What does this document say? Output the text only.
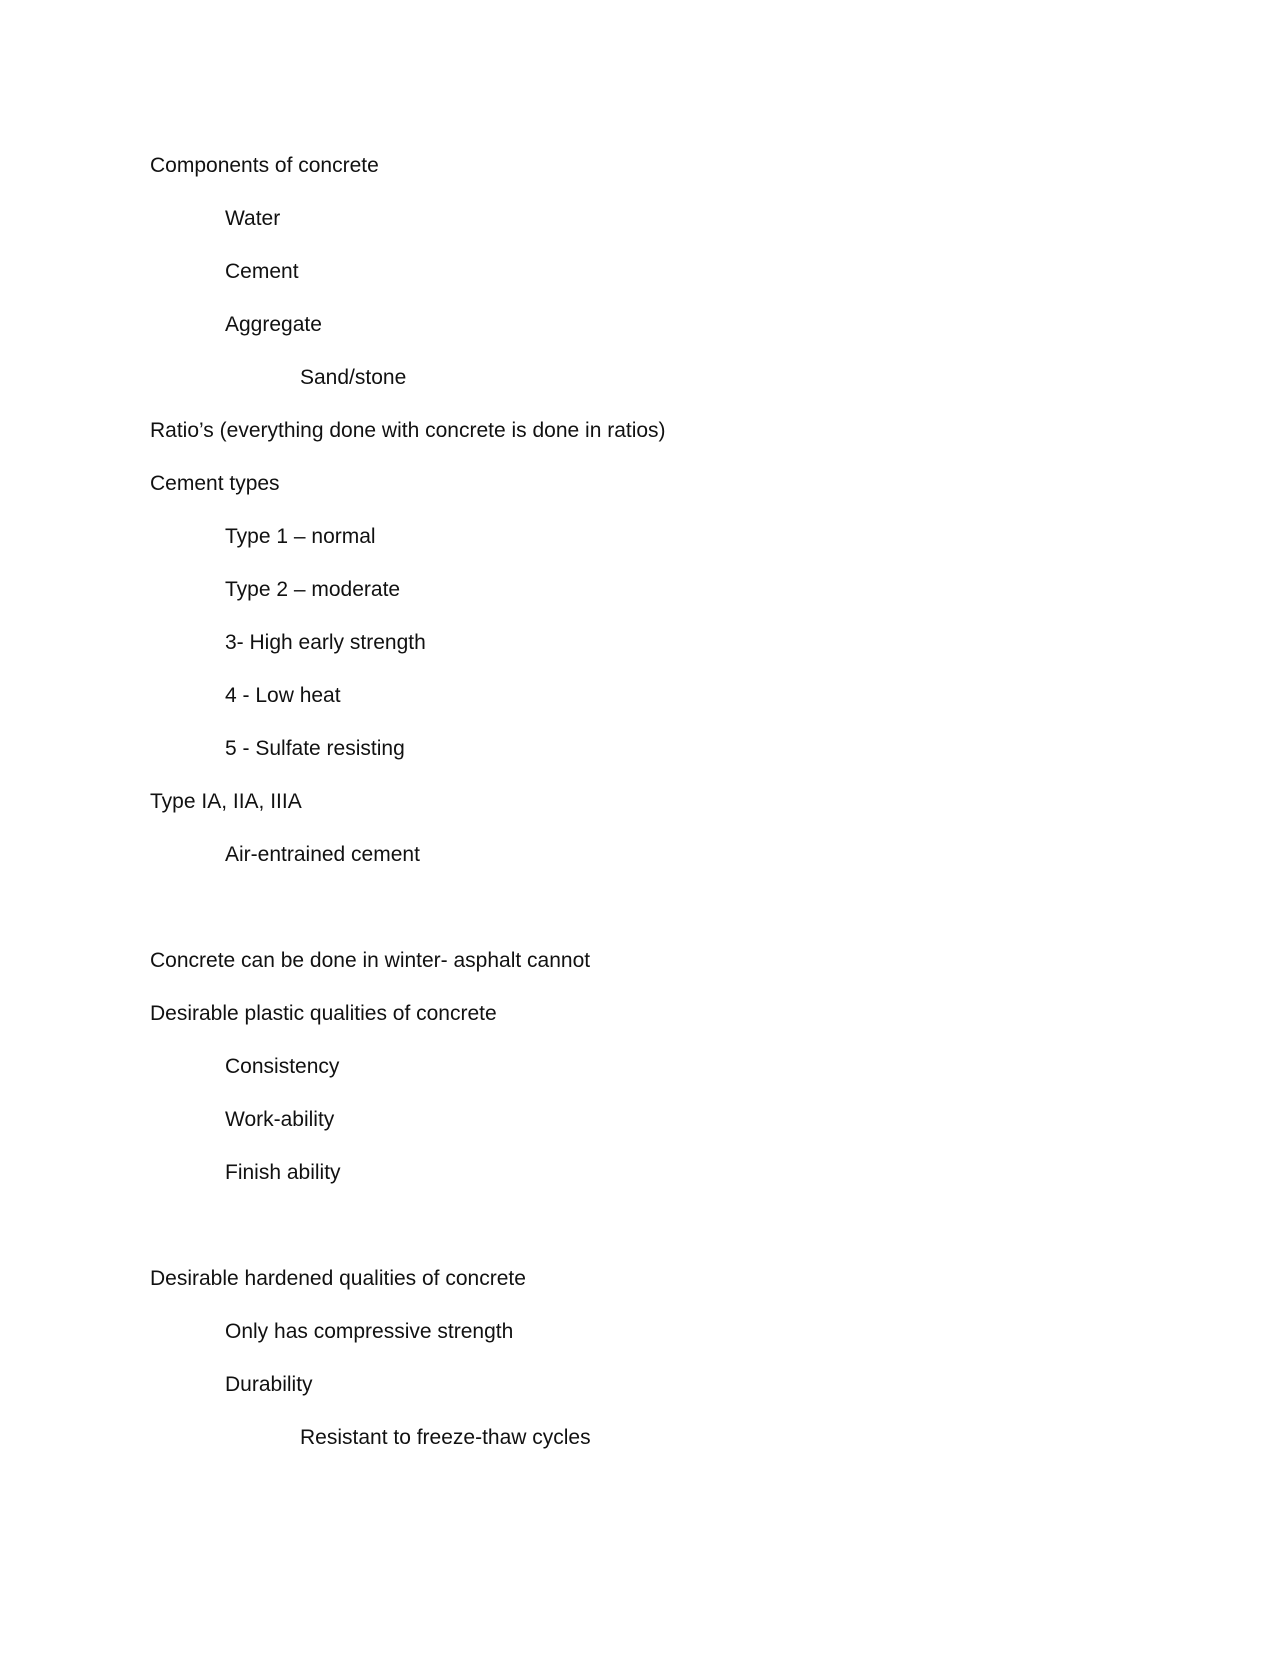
Components of concrete
Water
Cement
Aggregate
Sand/stone
Ratio’s (everything done with concrete is done in ratios)
Cement types
Type 1 – normal
Type 2 – moderate
3- High early strength
4 - Low heat
5 - Sulfate resisting
Type IA, IIA, IIIA
Air-entrained cement
Concrete can be done in winter- asphalt cannot
Desirable plastic qualities of concrete
Consistency
Work-ability
Finish ability
Desirable hardened qualities of concrete
Only has compressive strength
Durability
Resistant to freeze-thaw cycles
